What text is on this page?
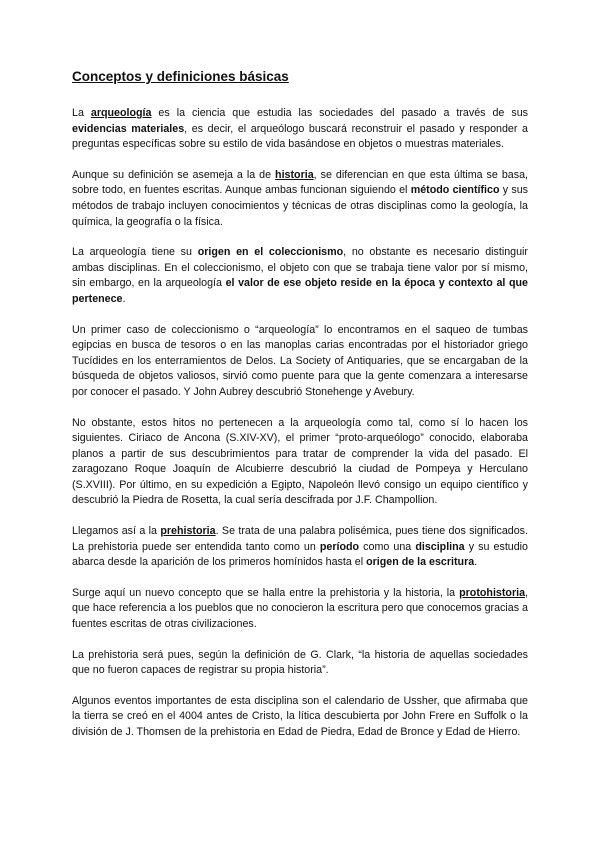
Conceptos y definiciones básicas

La arqueología es la ciencia que estudia las sociedades del pasado a través de sus evidencias materiales, es decir, el arqueólogo buscará reconstruir el pasado y responder a preguntas específicas sobre su estilo de vida basándose en objetos o muestras materiales.

Aunque su definición se asemeja a la de historia, se diferencian en que esta última se basa, sobre todo, en fuentes escritas. Aunque ambas funcionan siguiendo el método científico y sus métodos de trabajo incluyen conocimientos y técnicas de otras disciplinas como la geología, la química, la geografía o la física.

La arqueología tiene su origen en el coleccionismo, no obstante es necesario distinguir ambas disciplinas. En el coleccionismo, el objeto con que se trabaja tiene valor por sí mismo, sin embargo, en la arqueología el valor de ese objeto reside en la época y contexto al que pertenece.

Un primer caso de coleccionismo o “arqueología” lo encontramos en el saqueo de tumbas egipcias en busca de tesoros o en las manoplas carias encontradas por el historiador griego Tucídides en los enterramientos de Delos. La Society of Antiquaries, que se encargaban de la búsqueda de objetos valiosos, sirvió como puente para que la gente comenzara a interesarse por conocer el pasado. Y John Aubrey descubrió Stonehenge y Avebury.

No obstante, estos hitos no pertenecen a la arqueología como tal, como sí lo hacen los siguientes. Ciriaco de Ancona (S.XIV-XV), el primer “proto-arqueólogo” conocido, elaboraba planos a partir de sus descubrimientos para tratar de comprender la vida del pasado. El zaragozano Roque Joaquín de Alcubierre descubrió la ciudad de Pompeya y Herculano (S.XVIII). Por último, en su expedición a Egipto, Napoleón llevó consigo un equipo científico y descubrió la Piedra de Rosetta, la cual sería descifrada por J.F. Champollion.

Llegamos así a la prehistoria. Se trata de una palabra polisémica, pues tiene dos significados. La prehistoria puede ser entendida tanto como un período como una disciplina y su estudio abarca desde la aparición de los primeros homínidos hasta el origen de la escritura.

Surge aquí un nuevo concepto que se halla entre la prehistoria y la historia, la protohistoria, que hace referencia a los pueblos que no conocieron la escritura pero que conocemos gracias a fuentes escritas de otras civilizaciones.

La prehistoria será pues, según la definición de G. Clark, “la historia de aquellas sociedades que no fueron capaces de registrar su propia historia”.

Algunos eventos importantes de esta disciplina son el calendario de Ussher, que afirmaba que la tierra se creó en el 4004 antes de Cristo, la lítica descubierta por John Frere en Suffolk o la división de J. Thomsen de la prehistoria en Edad de Piedra, Edad de Bronce y Edad de Hierro.
